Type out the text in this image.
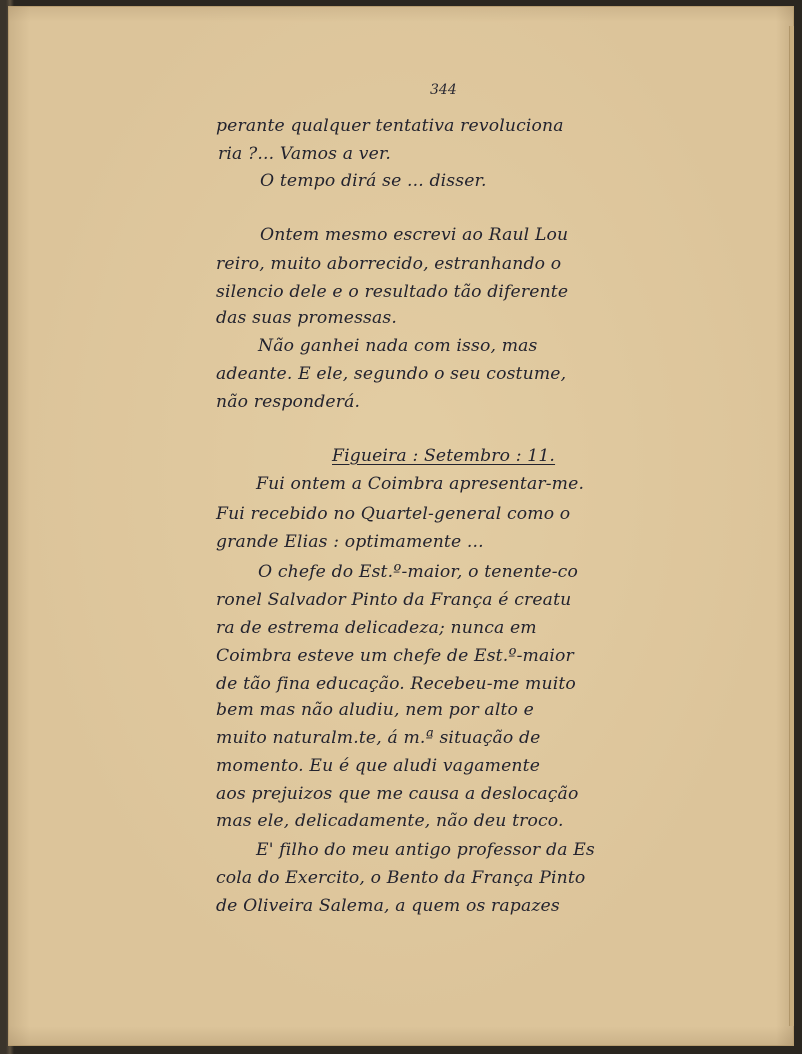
344
perante qualquer tentativa revoluciona
ria ?... Vamos a ver.
O tempo dirá se ... disser.
Ontem mesmo escrevi ao Raul Lou
reiro, muito aborrecido, estranhando o
silencio dele e o resultado tão diferente
das suas promessas.
Não ganhei nada com isso, mas
adeante. E ele, segundo o seu costume,
não responderá.
Figueira : Setembro : 11.
Fui ontem a Coimbra apresentar-me.
Fui recebido no Quartel-general como o
grande Elias : optimamente ...
O chefe do Est.º-maior, o tenente-co
ronel Salvador Pinto da França é creatu
ra de estrema delicadeza; nunca em
Coimbra esteve um chefe de Est.º-maior
de tão fina educação. Recebeu-me muito
bem mas não aludiu, nem por alto e
muito naturalm.te, á m.ª situação de
momento. Eu é que aludi vagamente
aos prejuizos que me causa a deslocação
mas ele, delicadamente, não deu troco.
E' filho do meu antigo professor da Es
cola do Exercito, o Bento da França Pinto
de Oliveira Salema, a quem os rapazes
